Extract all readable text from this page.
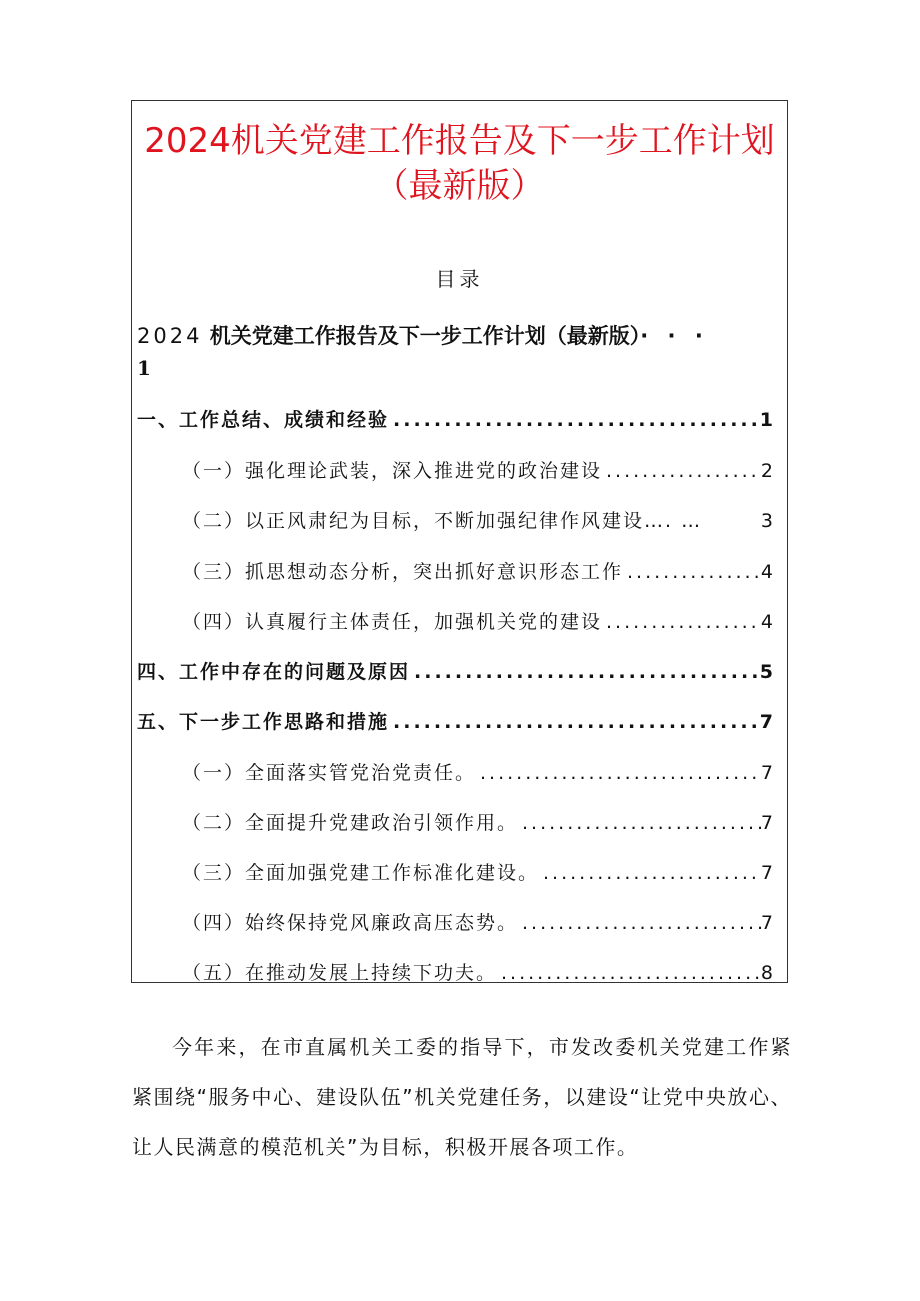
2024机关党建工作报告及下一步工作计划
（最新版）
目录
2024 机关党建工作报告及下一步工作计划（最新版）· · ·
1
一、工作总结、成绩和经验 .....	1
（一）强化理论武装，深入推进党的政治建设 .....	2
（二）以正风肃纪为目标，不断加强纪律作风建设…. …	3
（三）抓思想动态分析，突出抓好意识形态工作 .....	4
（四）认真履行主体责任，加强机关党的建设 .....	4
四、工作中存在的问题及原因 .....	5
五、下一步工作思路和措施 .....	7
（一）全面落实管党治党责任。 .....	7
（二）全面提升党建政治引领作用。 .....	7
（三）全面加强党建工作标准化建设。 .....	7
（四）始终保持党风廉政高压态势。 .....	7
（五）在推动发展上持续下功夫。 .....	8
今年来，在市直属机关工委的指导下，市发改委机关党建工作紧紧围绕“服务中心、建设队伍”机关党建任务，以建设“让党中央放心、让人民满意的模范机关”为目标，积极开展各项工作。
